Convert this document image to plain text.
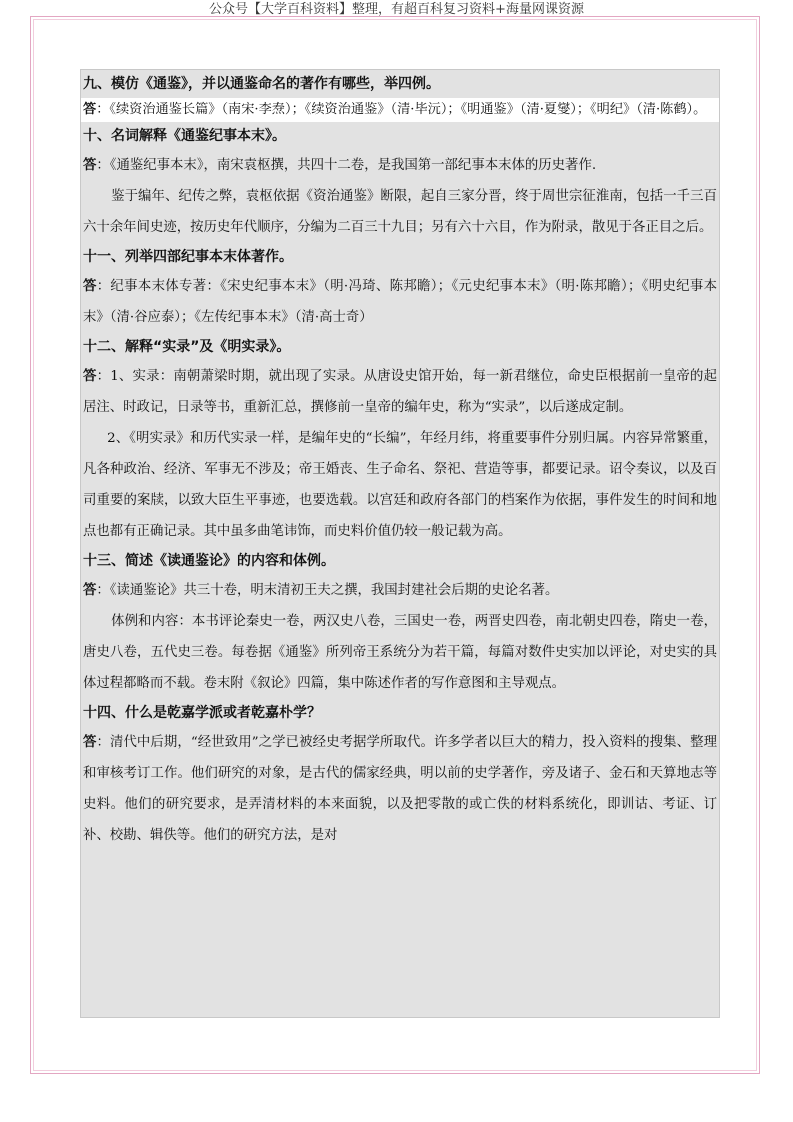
公众号【大学百科资料】整理，有超百科复习资料+海量网课资源
九、模仿《通鉴》，并以通鉴命名的著作有哪些，举四例。
答：《续资治通鉴长篇》（南宋·李焘）；《续资治通鉴》（清·毕沅）；《明通鉴》（清·夏燮）；《明纪》（清·陈鹤）。
十、名词解释《通鉴纪事本末》。
答：《通鉴纪事本末》，南宋袁枢撰，共四十二卷，是我国第一部纪事本末体的历史著作.
鉴于编年、纪传之弊，袁枢依据《资治通鉴》断限，起自三家分晋，终于周世宗征淮南，包括一千三百六十余年间史迹，按历史年代顺序，分编为二百三十九目；另有六十六目，作为附录，散见于各正目之后。
十一、列举四部纪事本末体著作。
答：纪事本末体专著：《宋史纪事本末》（明·冯琦、陈邦瞻）；《元史纪事本末》（明·陈邦瞻）；《明史纪事本末》（清·谷应泰）；《左传纪事本末》（清·高士奇）
十二、解释“实录”及《明实录》。
答：1、实录：南朝萧梁时期，就出现了实录。从唐设史馆开始，每一新君继位，命史臣根据前一皇帝的起居注、时政记，日录等书，重新汇总，撰修前一皇帝的编年史，称为“实录”，以后遂成定制。
2、《明实录》和历代实录一样，是编年史的“长编”，年经月纬，将重要事件分别归属。内容异常繁重，凡各种政治、经济、军事无不涉及；帝王婚丧、生子命名、祭祀、营造等事，都要记录。诏令奏议，以及百司重要的案牍，以致大臣生平事迹，也要选载。以宫廷和政府各部门的档案作为依据，事件发生的时间和地点也都有正确记录。其中虽多曲笔讳饰，而史料价值仍较一般记载为高。
十三、简述《读通鉴论》的内容和体例。
答：《读通鉴论》共三十卷，明末清初王夫之撰，我国封建社会后期的史论名著。
体例和内容：本书评论秦史一卷，两汉史八卷，三国史一卷，两晋史四卷，南北朝史四卷，隋史一卷，唐史八卷，五代史三卷。每卷据《通鉴》所列帝王系统分为若干篇，每篇对数件史实加以评论，对史实的具体过程都略而不载。卷末附《叙论》四篇，集中陈述作者的写作意图和主导观点。
十四、什么是乾嘉学派或者乾嘉朴学？
答：清代中后期，“经世致用”之学已被经史考据学所取代。许多学者以巨大的精力，投入资料的搜集、整理和审核考订工作。他们研究的对象，是古代的儒家经典，明以前的史学著作，旁及诸子、金石和天算地志等史料。他们的研究要求，是弄清材料的本来面貌，以及把零散的或亡佚的材料系统化，即训诂、考证、订补、校勘、辑佚等。他们的研究方法，是对
